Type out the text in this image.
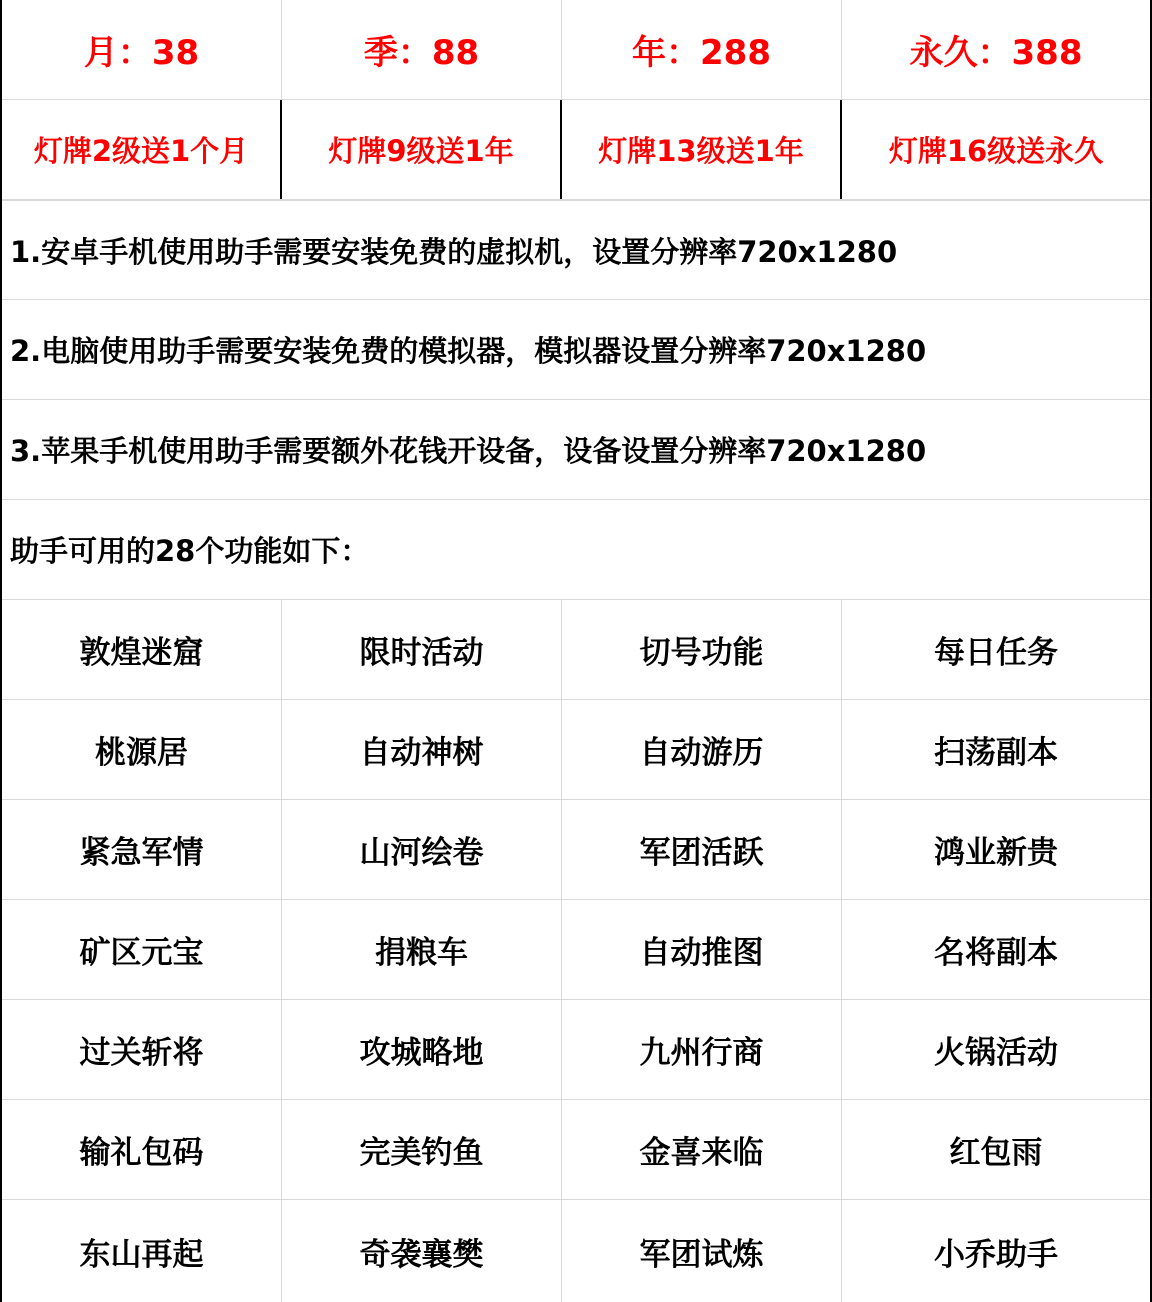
月：38	季：88	年：288	永久：388
灯牌2级送1个月	灯牌9级送1年	灯牌13级送1年	灯牌16级送永久
1.安卓手机使用助手需要安装免费的虚拟机，设置分辨率720x1280
2.电脑使用助手需要安装免费的模拟器，模拟器设置分辨率720x1280
3.苹果手机使用助手需要额外花钱开设备，设备设置分辨率720x1280
助手可用的28个功能如下：
敦煌迷窟	限时活动	切号功能	每日任务
桃源居	自动神树	自动游历	扫荡副本
紧急军情	山河绘卷	军团活跃	鸿业新贵
矿区元宝	捐粮车	自动推图	名将副本
过关斩将	攻城略地	九州行商	火锅活动
输礼包码	完美钓鱼	金喜来临	红包雨
东山再起	奇袭襄樊	军团试炼	小乔助手
